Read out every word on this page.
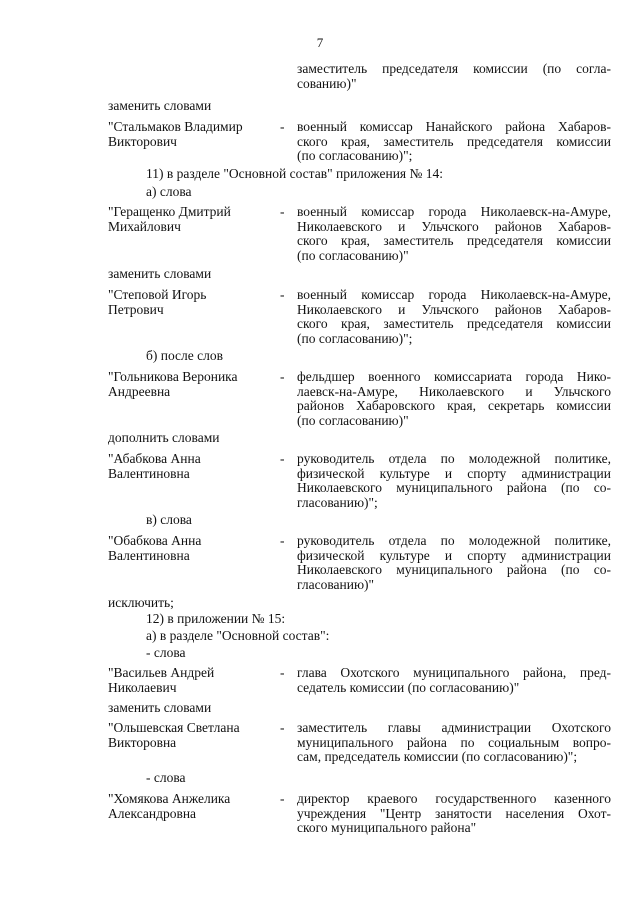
7
заместитель председателя комиссии (по согла-
сованию)"
заменить словами
"Стальмаков Владимир
Викторович
- военный комиссар Нанайского района Хабаров-
ского края, заместитель председателя комиссии
(по согласованию)";
11) в разделе "Основной состав" приложения № 14:
а) слова
"Геращенко Дмитрий
Михайлович
- военный комиссар города Николаевск-на-Амуре,
Николаевского и Ульчского районов Хабаров-
ского края, заместитель председателя комиссии
(по согласованию)"
заменить словами
"Степовой Игорь
Петрович
- военный комиссар города Николаевск-на-Амуре,
Николаевского и Ульчского районов Хабаров-
ского края, заместитель председателя комиссии
(по согласованию)";
б) после слов
"Гольникова Вероника
Андреевна
- фельдшер военного комиссариата города Нико-
лаевск-на-Амуре, Николаевского и Ульчского
районов Хабаровского края, секретарь комиссии
(по согласованию)"
дополнить словами
"Абабкова Анна
Валентиновна
- руководитель отдела по молодежной политике,
физической культуре и спорту администрации
Николаевского муниципального района (по со-
гласованию)";
в) слова
"Обабкова Анна
Валентиновна
- руководитель отдела по молодежной политике,
физической культуре и спорту администрации
Николаевского муниципального района (по со-
гласованию)"
исключить;
12) в приложении № 15:
а) в разделе "Основной состав":
- слова
"Васильев Андрей
Николаевич
- глава Охотского муниципального района, пред-
седатель комиссии (по согласованию)"
заменить словами
"Ольшевская Светлана
Викторовна
- заместитель главы администрации Охотского
муниципального района по социальным вопро-
сам, председатель комиссии (по согласованию)";
- слова
"Хомякова Анжелика
Александровна
- директор краевого государственного казенного
учреждения "Центр занятости населения Охот-
ского муниципального района"
